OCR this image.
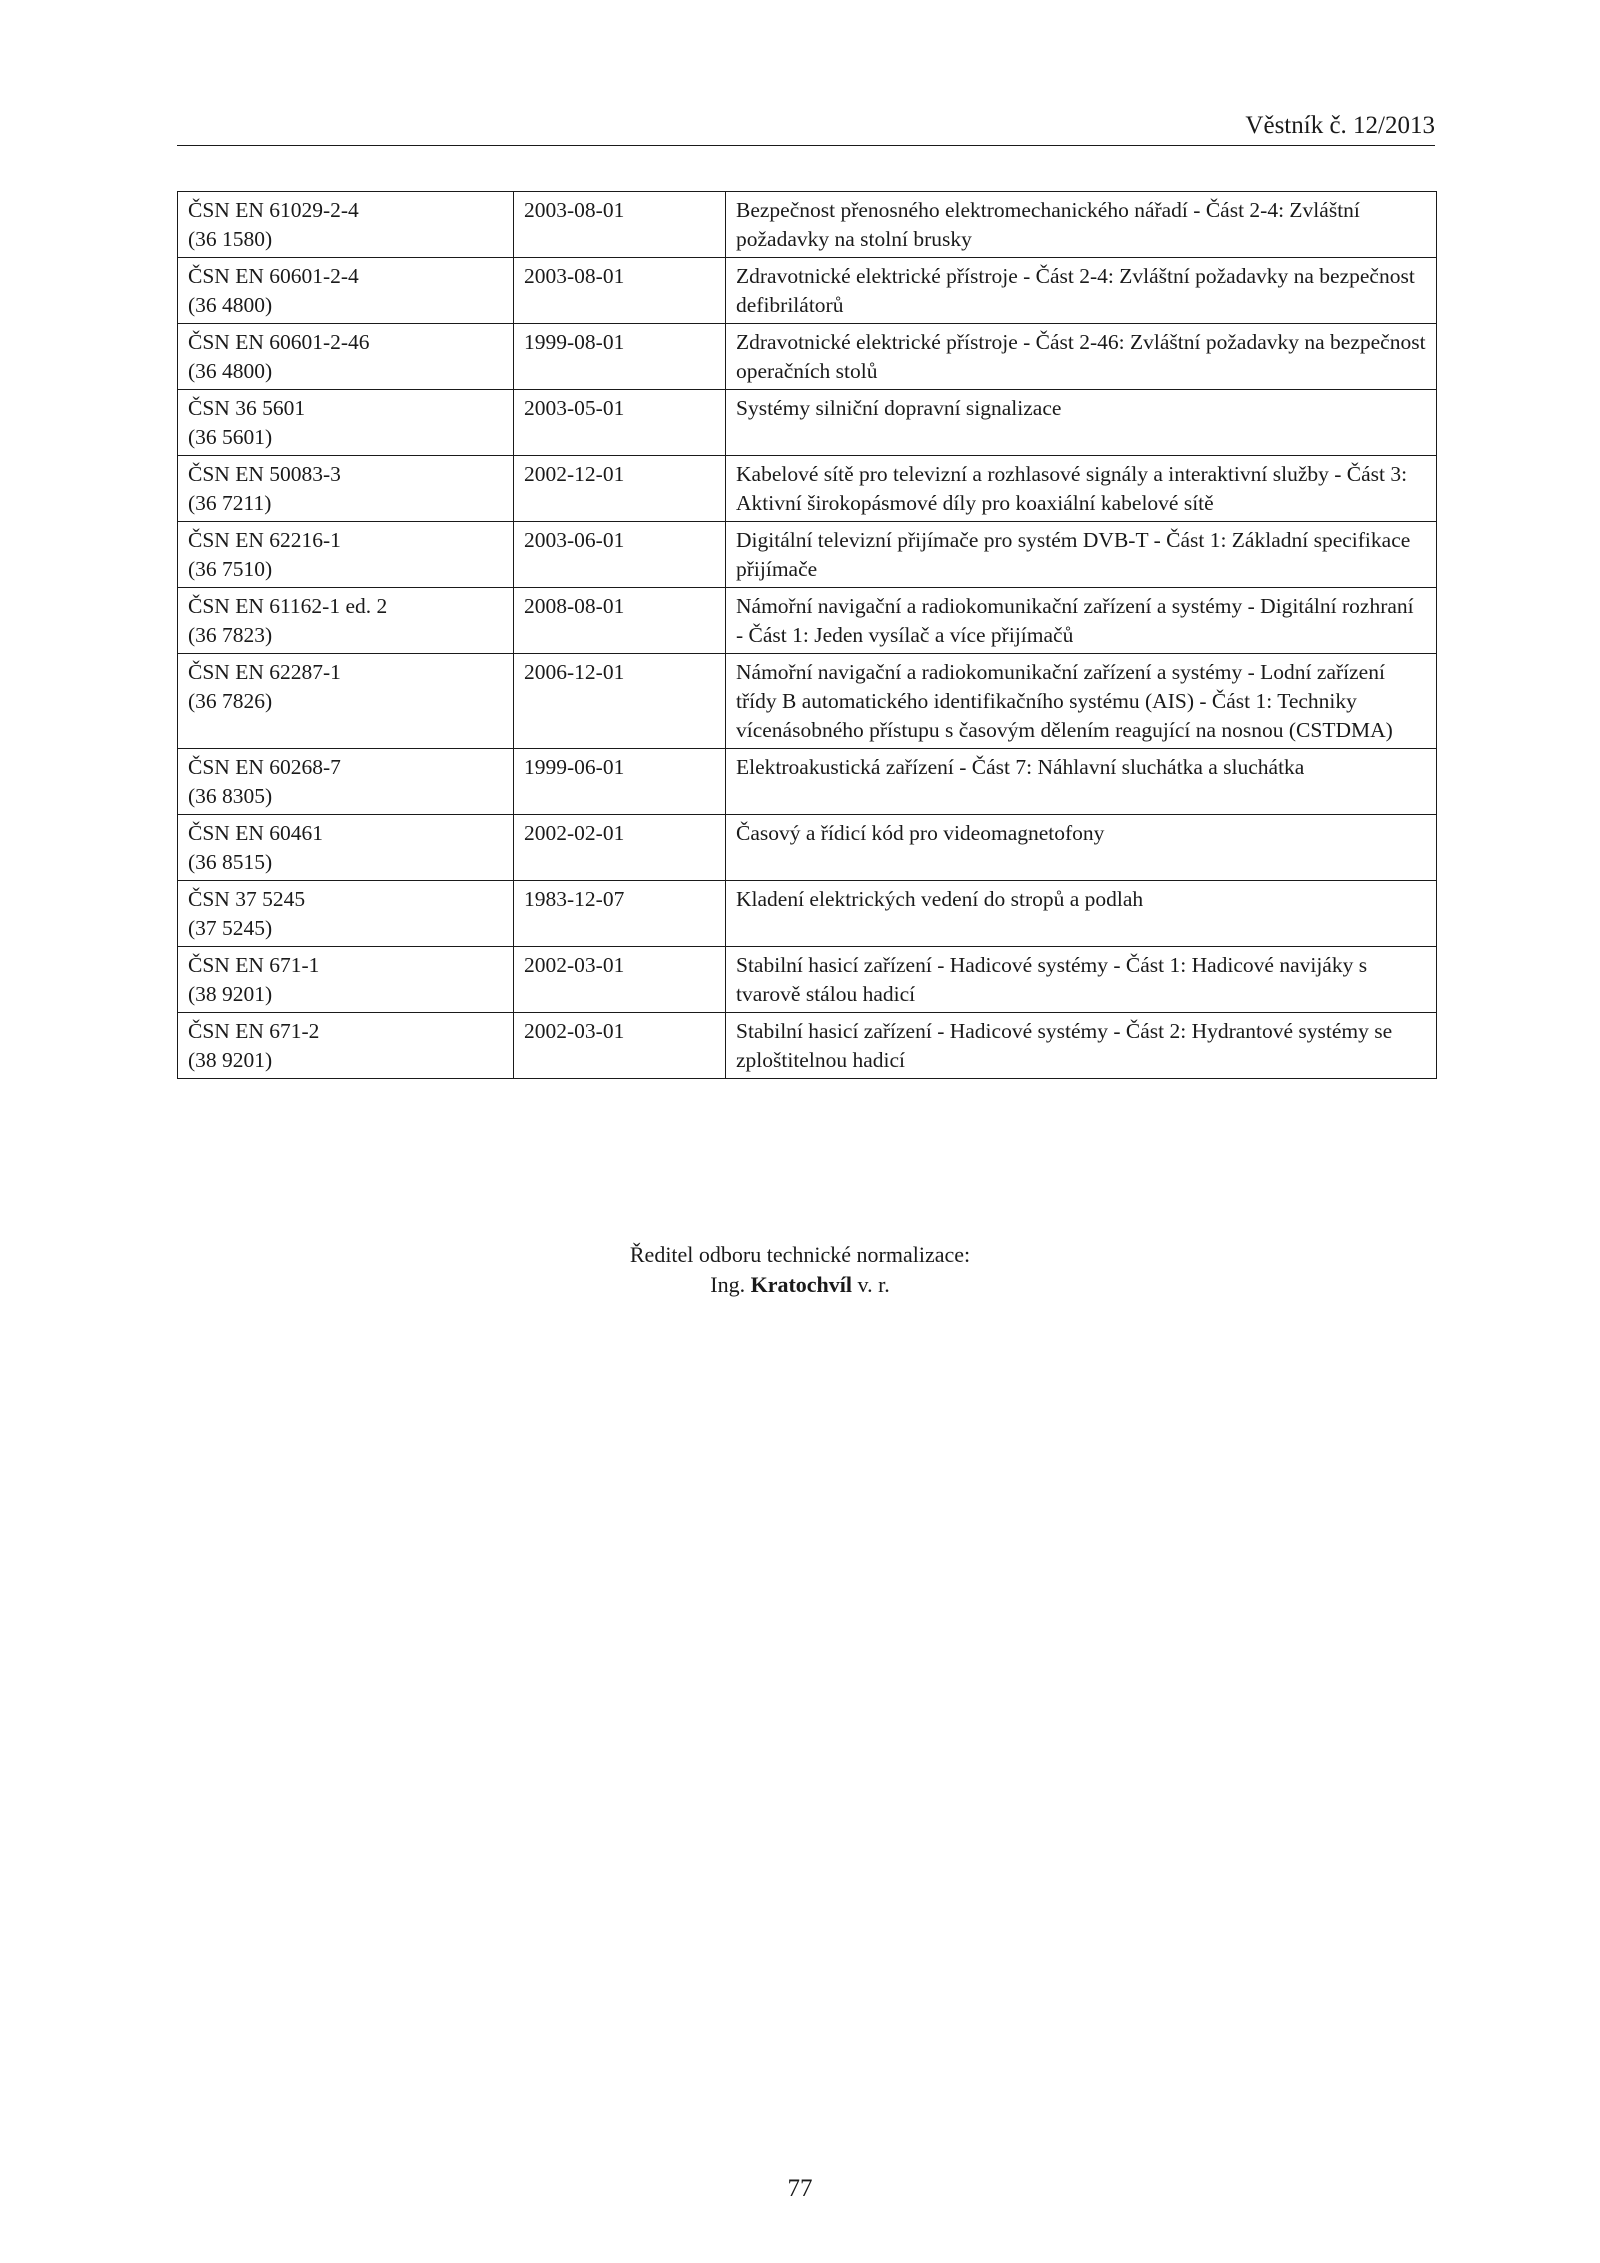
Věstník č. 12/2013
ČSN EN 61029-2-4
(36 1580)	2003-08-01	Bezpečnost přenosného elektromechanického nářadí - Část 2-4: Zvláštní požadavky na stolní brusky

ČSN EN 60601-2-4
(36 4800)	2003-08-01	Zdravotnické elektrické přístroje - Část 2-4: Zvláštní požadavky na bezpečnost defibrilátorů

ČSN EN 60601-2-46
(36 4800)	1999-08-01	Zdravotnické elektrické přístroje - Část 2-46: Zvláštní požadavky na bezpečnost operačních stolů

ČSN 36 5601
(36 5601)	2003-05-01	Systémy silniční dopravní signalizace

ČSN EN 50083-3
(36 7211)	2002-12-01	Kabelové sítě pro televizní a rozhlasové signály a interaktivní služby - Část 3: Aktivní širokopásmové díly pro koaxiální kabelové sítě

ČSN EN 62216-1
(36 7510)	2003-06-01	Digitální televizní přijímače pro systém DVB-T - Část 1: Základní specifikace přijímače

ČSN EN 61162-1 ed. 2
(36 7823)	2008-08-01	Námořní navigační a radiokomunikační zařízení a systémy - Digitální rozhraní - Část 1: Jeden vysílač a více přijímačů

ČSN EN 62287-1
(36 7826)	2006-12-01	Námořní navigační a radiokomunikační zařízení a systémy - Lodní zařízení třídy B automatického identifikačního systému (AIS) - Část 1: Techniky vícenásobného přístupu s časovým dělením reagující na nosnou (CSTDMA)

ČSN EN 60268-7
(36 8305)	1999-06-01	Elektroakustická zařízení - Část 7: Náhlavní sluchátka a sluchátka

ČSN EN 60461
(36 8515)	2002-02-01	Časový a řídicí kód pro videomagnetofony

ČSN 37 5245
(37 5245)	1983-12-07	Kladení elektrických vedení do stropů a podlah

ČSN EN 671-1
(38 9201)	2002-03-01	Stabilní hasicí zařízení - Hadicové systémy - Část 1: Hadicové navijáky s tvarově stálou hadicí

ČSN EN 671-2
(38 9201)	2002-03-01	Stabilní hasicí zařízení - Hadicové systémy - Část 2: Hydrantové systémy se zploštitelnou hadicí
Ředitel odboru technické normalizace:
Ing. Kratochvíl v. r.
77
